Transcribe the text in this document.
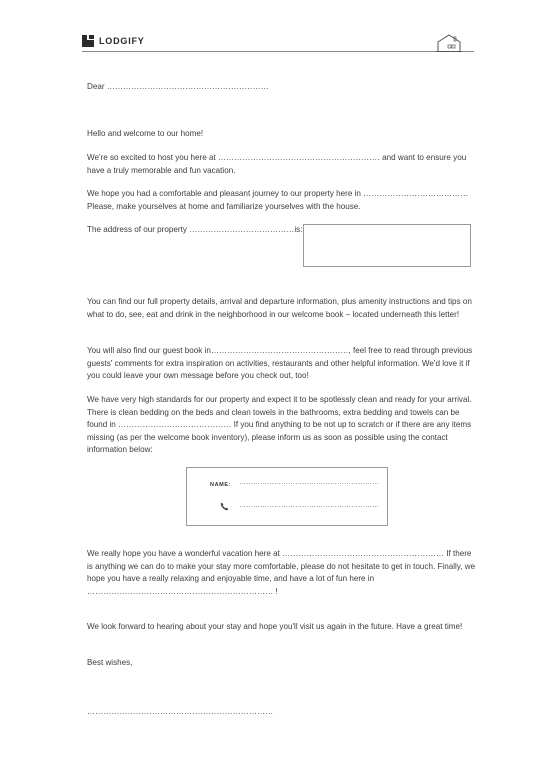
LODGIFY

Dear ……………………………………………………

Hello and welcome to our home!

We're so excited to host you here at …………………………………………………… and want to ensure you have a truly memorable and fun vacation.

We hope you had a comfortable and pleasant journey to our property here in ………………………………… Please, make yourselves at home and familiarize yourselves with the house.

The address of our property …………………………………is:

You can find our full property details, arrival and departure information, plus amenity instructions and tips on what to do, see, eat and drink in the neighborhood in our welcome book – located underneath this letter!

You will also find our guest book in……………………………………………, feel free to read through previous guests' comments for extra inspiration on activities, restaurants and other helpful information. We'd love it if you could leave your own message before you check out, too!

We have very high standards for our property and expect it to be spotlessly clean and ready for your arrival. There is clean bedding on the beds and clean towels in the bathrooms, extra bedding and towels can be found in …………………………………… If you find anything to be not up to scratch or if there are any items missing (as per the welcome book inventory), please inform us as soon as possible using the contact information below:

NAME: ……………………………………………………
……………………………………………………

We really hope you have a wonderful vacation here at …………………………………………………… If there is anything we can do to make your stay more comfortable, please do not hesitate to get in touch. Finally, we hope you have a really relaxing and enjoyable time, and have a lot of fun here in …………………………………………………………… !

We look forward to hearing about your stay and hope you'll visit us again in the future. Have a great time!

Best wishes,

……………………………………………………………
